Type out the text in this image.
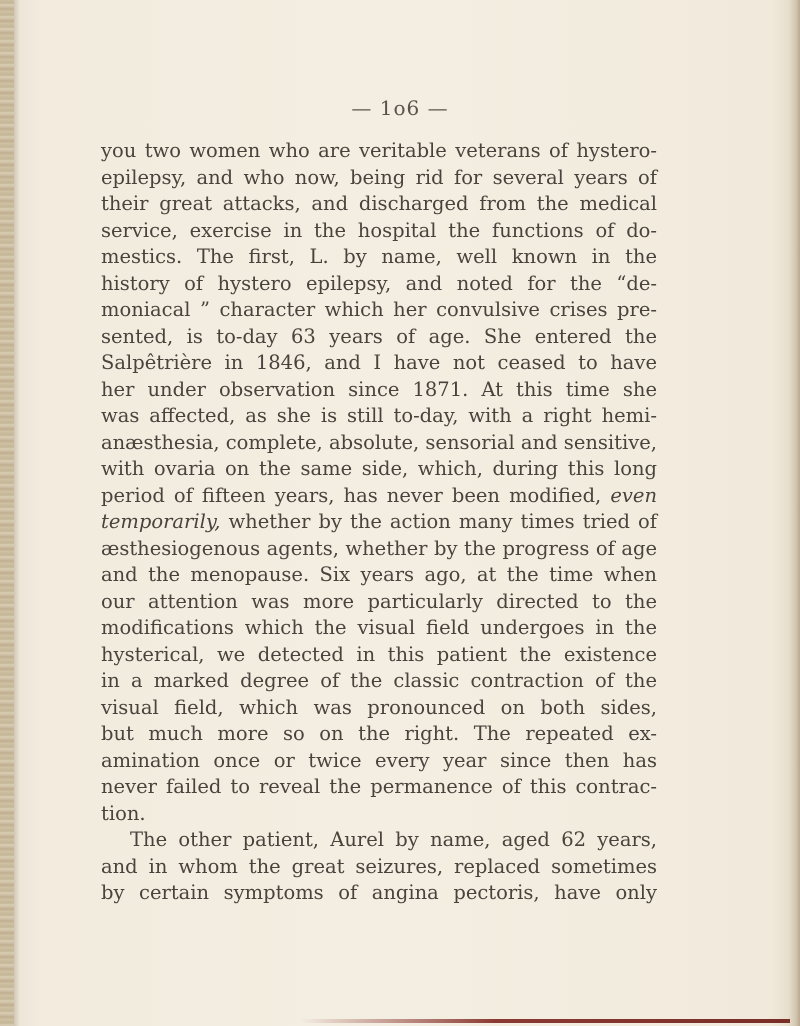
— 1o6 —

you two women who are veritable veterans of hystero-
epilepsy, and who now, being rid for several years of
their great attacks, and discharged from the medical
service, exercise in the hospital the functions of do-
mestics. The first, L. by name, well known in the
history of hystero epilepsy, and noted for the “de-
moniacal ” character which her convulsive crises pre-
sented, is to-day 63 years of age. She entered the
Salpêtrière in 1846, and I have not ceased to have
her under observation since 1871. At this time she
was affected, as she is still to-day, with a right hemi-
anæsthesia, complete, absolute, sensorial and sensitive,
with ovaria on the same side, which, during this long
period of fifteen years, has never been modified, even
temporarily, whether by the action many times tried of
æsthesiogenous agents, whether by the progress of age
and the menopause. Six years ago, at the time when
our attention was more particularly directed to the
modifications which the visual field undergoes in the
hysterical, we detected in this patient the existence
in a marked degree of the classic contraction of the
visual field, which was pronounced on both sides,
but much more so on the right. The repeated ex-
amination once or twice every year since then has
never failed to reveal the permanence of this contrac-
tion.
The other patient, Aurel by name, aged 62 years,
and in whom the great seizures, replaced sometimes
by certain symptoms of angina pectoris, have only
